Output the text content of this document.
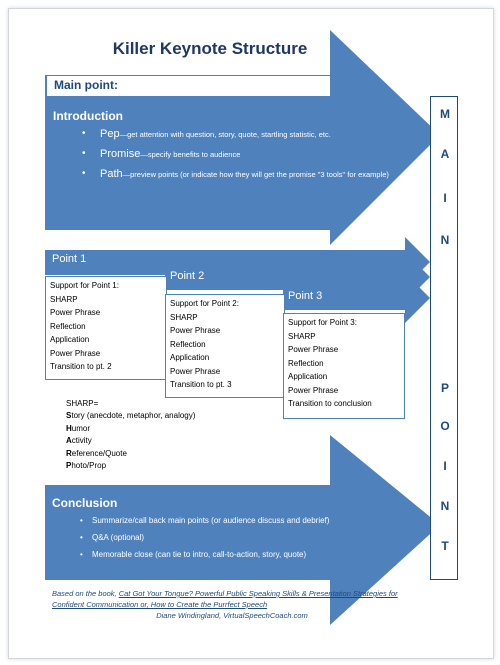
Killer Keynote Structure
Main point:
Introduction
• Pep—get attention with question, story, quote, startling statistic, etc.
• Promise—specify benefits to audience
• Path—preview points (or indicate how they will get the promise "3 tools" for example)
Point 1
Point 2
Point 3
Support for Point 1:
SHARP
Power Phrase
Reflection
Application
Power Phrase
Transition to pt. 2
Support for Point 2:
SHARP
Power Phrase
Reflection
Application
Power Phrase
Transition to pt. 3
Support for Point 3:
SHARP
Power Phrase
Reflection
Application
Power Phrase
Transition to conclusion
SHARP=
Story (anecdote, metaphor, analogy)
Humor
Activity
Reference/Quote
Photo/Prop
Conclusion
• Summarize/call back main points (or audience discuss and debrief)
• Q&A (optional)
• Memorable close (can tie to intro, call-to-action, story, quote)
M
A
I
N
P
O
I
N
T
Based on the book, Cat Got Your Tongue? Powerful Public Speaking Skills & Presentation Strategies for Confident Communication or, How to Create the Purrfect Speech
Diane Windingland, VirtualSpeechCoach.com
